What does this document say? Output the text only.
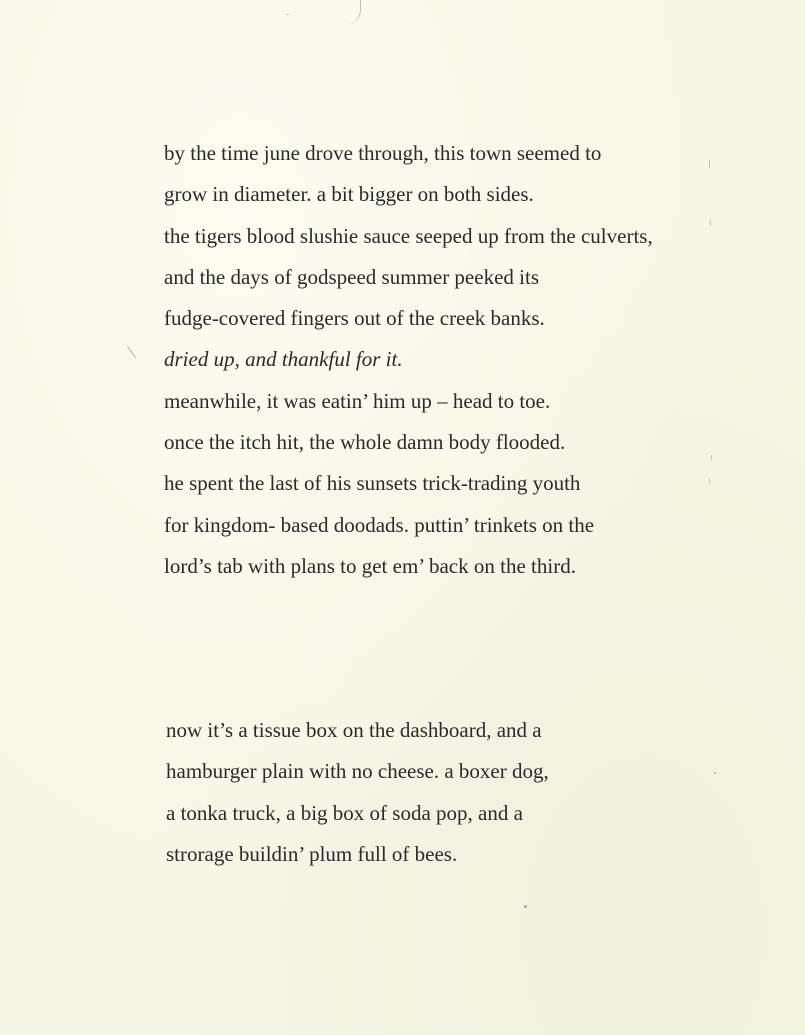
by the time june drove through, this town seemed to
grow in diameter. a bit bigger on both sides.
the tigers blood slushie sauce seeped up from the culverts,
and the days of godspeed summer peeked its
fudge-covered fingers out of the creek banks.
dried up, and thankful for it.
meanwhile, it was eatin’ him up – head to toe.
once the itch hit, the whole damn body flooded.
he spent the last of his sunsets trick-trading youth
for kingdom- based doodads. puttin’ trinkets on the
lord’s tab with plans to get em’ back on the third.
now it’s a tissue box on the dashboard, and a
hamburger plain with no cheese. a boxer dog,
a tonka truck, a big box of soda pop, and a
strorage buildin’ plum full of bees.
